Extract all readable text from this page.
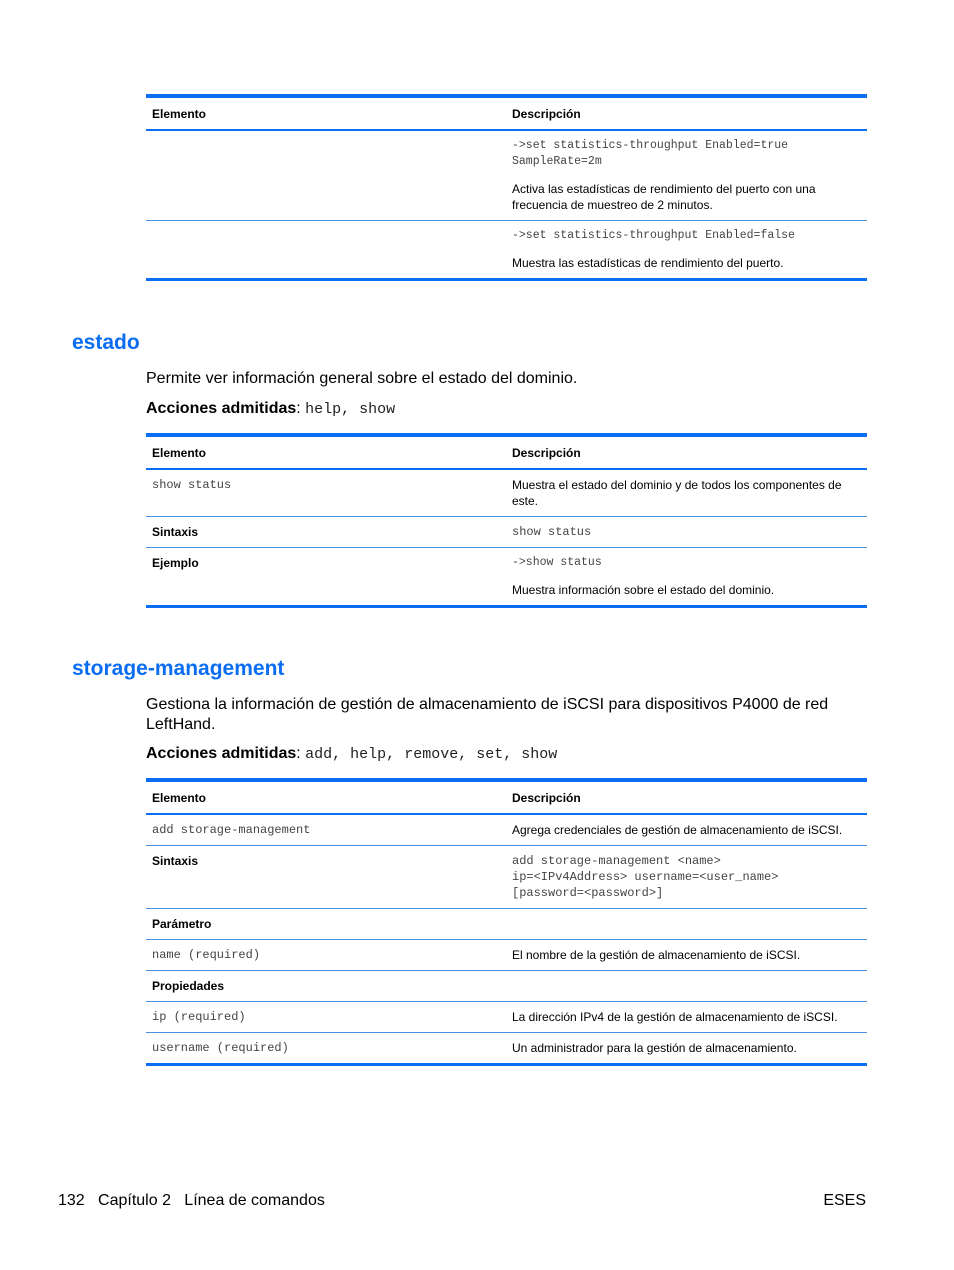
Elemento	Descripción

	->set statistics-throughput Enabled=true
SampleRate=2m

Activa las estadísticas de rendimiento del puerto con una frecuencia de muestreo de 2 minutos.

	->set statistics-throughput Enabled=false

Muestra las estadísticas de rendimiento del puerto.

estado

Permite ver información general sobre el estado del dominio.

Acciones admitidas: help, show

Elemento	Descripción
show status	Muestra el estado del dominio y de todos los componentes de este.
Sintaxis	show status
Ejemplo	->show status

Muestra información sobre el estado del dominio.

storage-management

Gestiona la información de gestión de almacenamiento de iSCSI para dispositivos P4000 de red LeftHand.

Acciones admitidas: add, help, remove, set, show

Elemento	Descripción
add storage-management	Agrega credenciales de gestión de almacenamiento de iSCSI.
Sintaxis	add storage-management <name>
ip=<IPv4Address> username=<user_name>
[password=<password>]
Parámetro	
name (required)	El nombre de la gestión de almacenamiento de iSCSI.
Propiedades	
ip (required)	La dirección IPv4 de la gestión de almacenamiento de iSCSI.
username (required)	Un administrador para la gestión de almacenamiento.
132   Capítulo 2   Línea de comandos	ESES
